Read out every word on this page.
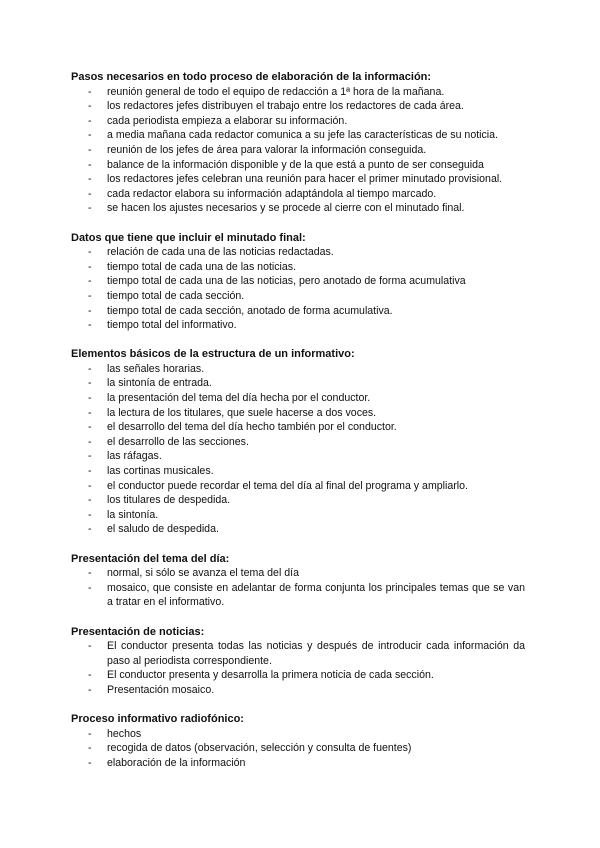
Pasos necesarios en todo proceso de elaboración de la información:
- reunión general de todo el equipo de redacción a 1ª hora de la mañana.
- los redactores jefes distribuyen el trabajo entre los redactores de cada área.
- cada periodista empieza a elaborar su información.
- a media mañana cada redactor comunica a su jefe las características de su noticia.
- reunión de los jefes de área para valorar la información conseguida.
- balance de la información disponible y de la que está a punto de ser conseguida
- los redactores jefes celebran una reunión para hacer el primer minutado provisional.
- cada redactor elabora su información adaptándola al tiempo marcado.
- se hacen los ajustes necesarios y se procede al cierre con el minutado final.
Datos que tiene que incluir el minutado final:
- relación de cada una de las noticias redactadas.
- tiempo total de cada una de las noticias.
- tiempo total de cada una de las noticias, pero anotado de forma acumulativa
- tiempo total de cada sección.
- tiempo total de cada sección, anotado de forma acumulativa.
- tiempo total del informativo.
Elementos básicos de la estructura de un informativo:
- las señales horarias.
- la sintonía de entrada.
- la presentación del tema del día hecha por el conductor.
- la lectura de los titulares, que suele hacerse a dos voces.
- el desarrollo del tema del día hecho también por el conductor.
- el desarrollo de las secciones.
- las ráfagas.
- las cortinas musicales.
- el conductor puede recordar el tema del día al final del programa y ampliarlo.
- los titulares de despedida.
- la sintonía.
- el saludo de despedida.
Presentación del tema del día:
- normal, si sólo se avanza el tema del día
- mosaico, que consiste en adelantar de forma conjunta los principales temas que se van a tratar en el informativo.
Presentación de noticias:
- El conductor presenta todas las noticias y después de introducir cada información da paso al periodista correspondiente.
- El conductor presenta y desarrolla la primera noticia de cada sección.
- Presentación mosaico.
Proceso informativo radiofónico:
- hechos
- recogida de datos (observación, selección y consulta de fuentes)
- elaboración de la información
